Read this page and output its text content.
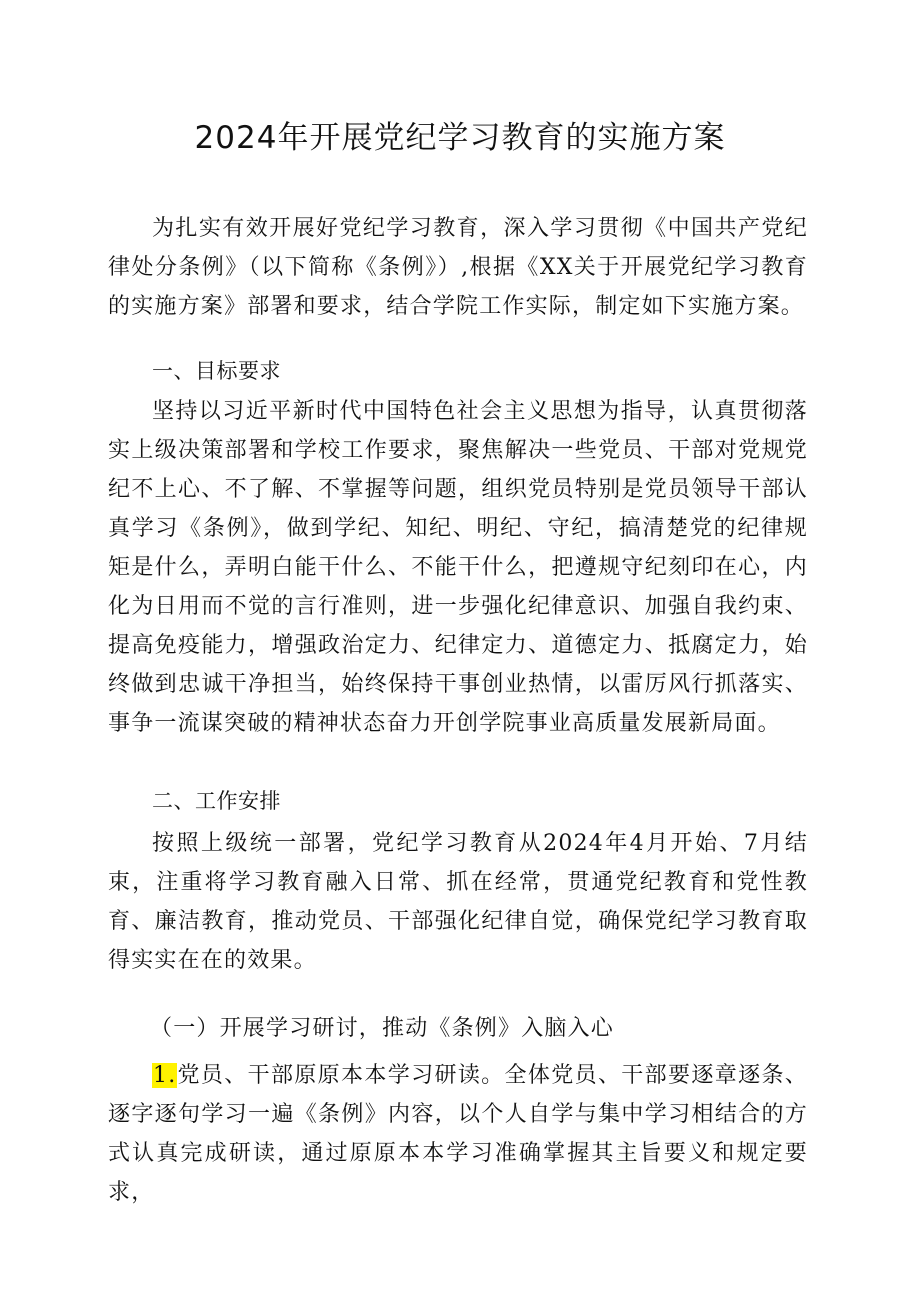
2024年开展党纪学习教育的实施方案

为扎实有效开展好党纪学习教育，深入学习贯彻《中国共产党纪律处分条例》（以下简称《条例》）,根据《XX关于开展党纪学习教育的实施方案》部署和要求，结合学院工作实际，制定如下实施方案。

一、目标要求

坚持以习近平新时代中国特色社会主义思想为指导，认真贯彻落实上级决策部署和学校工作要求，聚焦解决一些党员、干部对党规党纪不上心、不了解、不掌握等问题，组织党员特别是党员领导干部认真学习《条例》，做到学纪、知纪、明纪、守纪，搞清楚党的纪律规矩是什么，弄明白能干什么、不能干什么，把遵规守纪刻印在心，内化为日用而不觉的言行准则，进一步强化纪律意识、加强自我约束、提高免疫能力，增强政治定力、纪律定力、道德定力、抵腐定力，始终做到忠诚干净担当，始终保持干事创业热情，以雷厉风行抓落实、事争一流谋突破的精神状态奋力开创学院事业高质量发展新局面。

二、工作安排

按照上级统一部署，党纪学习教育从2024年4月开始、7月结束，注重将学习教育融入日常、抓在经常，贯通党纪教育和党性教育、廉洁教育，推动党员、干部强化纪律自觉，确保党纪学习教育取得实实在在的效果。

（一）开展学习研讨，推动《条例》入脑入心

1.党员、干部原原本本学习研读。全体党员、干部要逐章逐条、逐字逐句学习一遍《条例》内容，以个人自学与集中学习相结合的方式认真完成研读，通过原原本本学习准确掌握其主旨要义和规定要求，
